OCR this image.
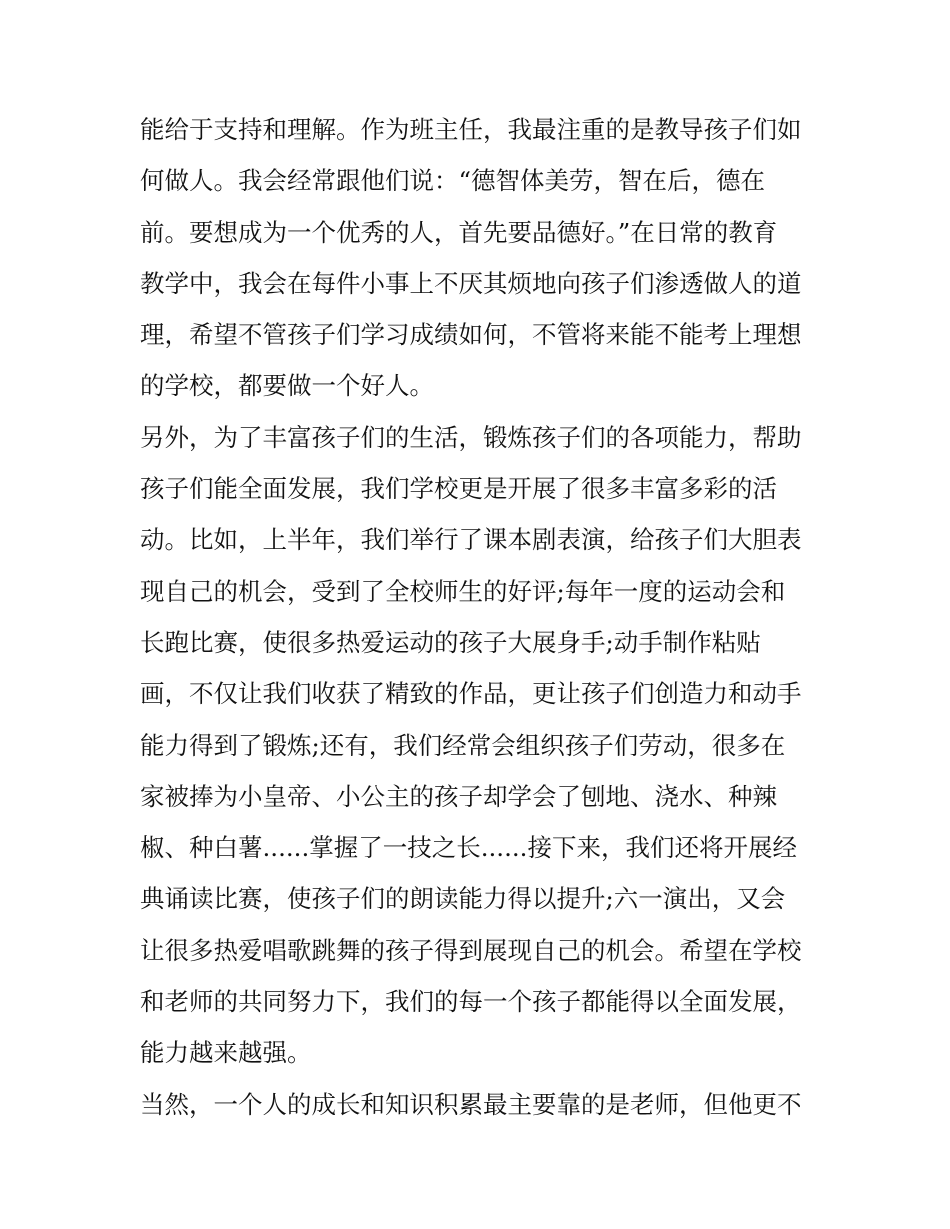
能给于支持和理解。作为班主任，我最注重的是教导孩子们如
何做人。我会经常跟他们说：“德智体美劳，智在后，德在
前。要想成为一个优秀的人，首先要品德好。”在日常的教育
教学中，我会在每件小事上不厌其烦地向孩子们渗透做人的道
理，希望不管孩子们学习成绩如何，不管将来能不能考上理想
的学校，都要做一个好人。
另外，为了丰富孩子们的生活，锻炼孩子们的各项能力，帮助
孩子们能全面发展，我们学校更是开展了很多丰富多彩的活
动。比如，上半年，我们举行了课本剧表演，给孩子们大胆表
现自己的机会，受到了全校师生的好评;每年一度的运动会和
长跑比赛，使很多热爱运动的孩子大展身手;动手制作粘贴
画，不仅让我们收获了精致的作品，更让孩子们创造力和动手
能力得到了锻炼;还有，我们经常会组织孩子们劳动，很多在
家被捧为小皇帝、小公主的孩子却学会了刨地、浇水、种辣
椒、种白薯......掌握了一技之长......接下来，我们还将开展经
典诵读比赛，使孩子们的朗读能力得以提升;六一演出，又会
让很多热爱唱歌跳舞的孩子得到展现自己的机会。希望在学校
和老师的共同努力下，我们的每一个孩子都能得以全面发展，
能力越来越强。
当然，一个人的成长和知识积累最主要靠的是老师，但他更不
